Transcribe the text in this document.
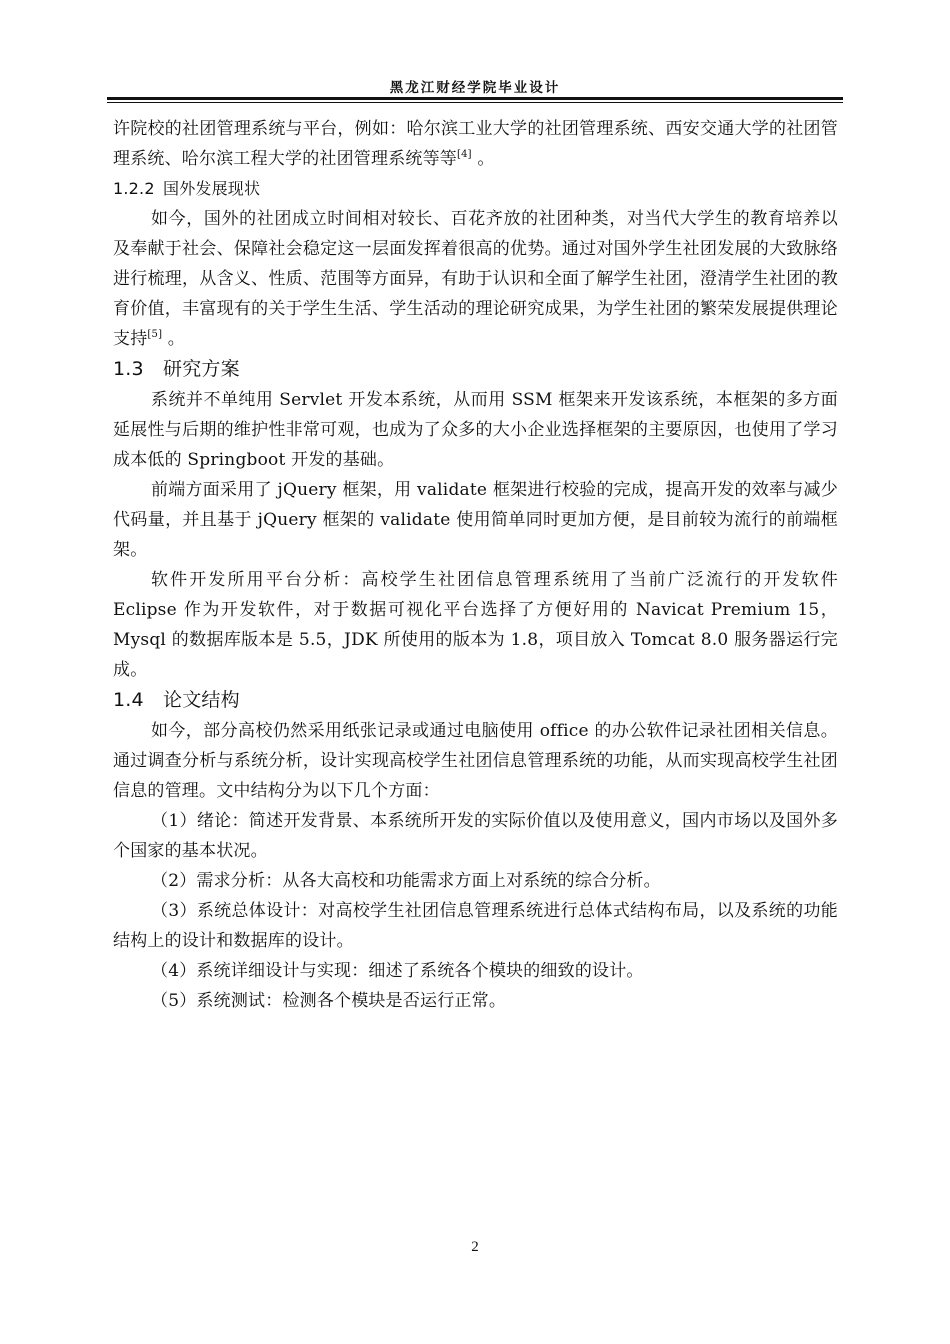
黑龙江财经学院毕业设计

许院校的社团管理系统与平台，例如：哈尔滨工业大学的社团管理系统、西安交通大学的社团管理系统、哈尔滨工程大学的社团管理系统等等[4] 。

1.2.2 国外发展现状

如今，国外的社团成立时间相对较长、百花齐放的社团种类，对当代大学生的教育培养以及奉献于社会、保障社会稳定这一层面发挥着很高的优势。通过对国外学生社团发展的大致脉络进行梳理，从含义、性质、范围等方面异，有助于认识和全面了解学生社团，澄清学生社团的教育价值，丰富现有的关于学生生活、学生活动的理论研究成果，为学生社团的繁荣发展提供理论支持[5] 。

1.3 研究方案

系统并不单纯用 Servlet 开发本系统，从而用 SSM 框架来开发该系统，本框架的多方面延展性与后期的维护性非常可观，也成为了众多的大小企业选择框架的主要原因，也使用了学习成本低的 Springboot 开发的基础。

前端方面采用了 jQuery 框架，用 validate 框架进行校验的完成，提高开发的效率与减少代码量，并且基于 jQuery 框架的 validate 使用简单同时更加方便，是目前较为流行的前端框架。

软件开发所用平台分析：高校学生社团信息管理系统用了当前广泛流行的开发软件 Eclipse 作为开发软件，对于数据可视化平台选择了方便好用的 Navicat Premium 15，Mysql 的数据库版本是 5.5，JDK 所使用的版本为 1.8，项目放入 Tomcat 8.0 服务器运行完成。

1.4 论文结构

如今，部分高校仍然采用纸张记录或通过电脑使用 office 的办公软件记录社团相关信息。通过调查分析与系统分析，设计实现高校学生社团信息管理系统的功能，从而实现高校学生社团信息的管理。文中结构分为以下几个方面：

（1）绪论：简述开发背景、本系统所开发的实际价值以及使用意义，国内市场以及国外多个国家的基本状况。

（2）需求分析：从各大高校和功能需求方面上对系统的综合分析。

（3）系统总体设计：对高校学生社团信息管理系统进行总体式结构布局，以及系统的功能结构上的设计和数据库的设计。

（4）系统详细设计与实现：细述了系统各个模块的细致的设计。

（5）系统测试：检测各个模块是否运行正常。

2
